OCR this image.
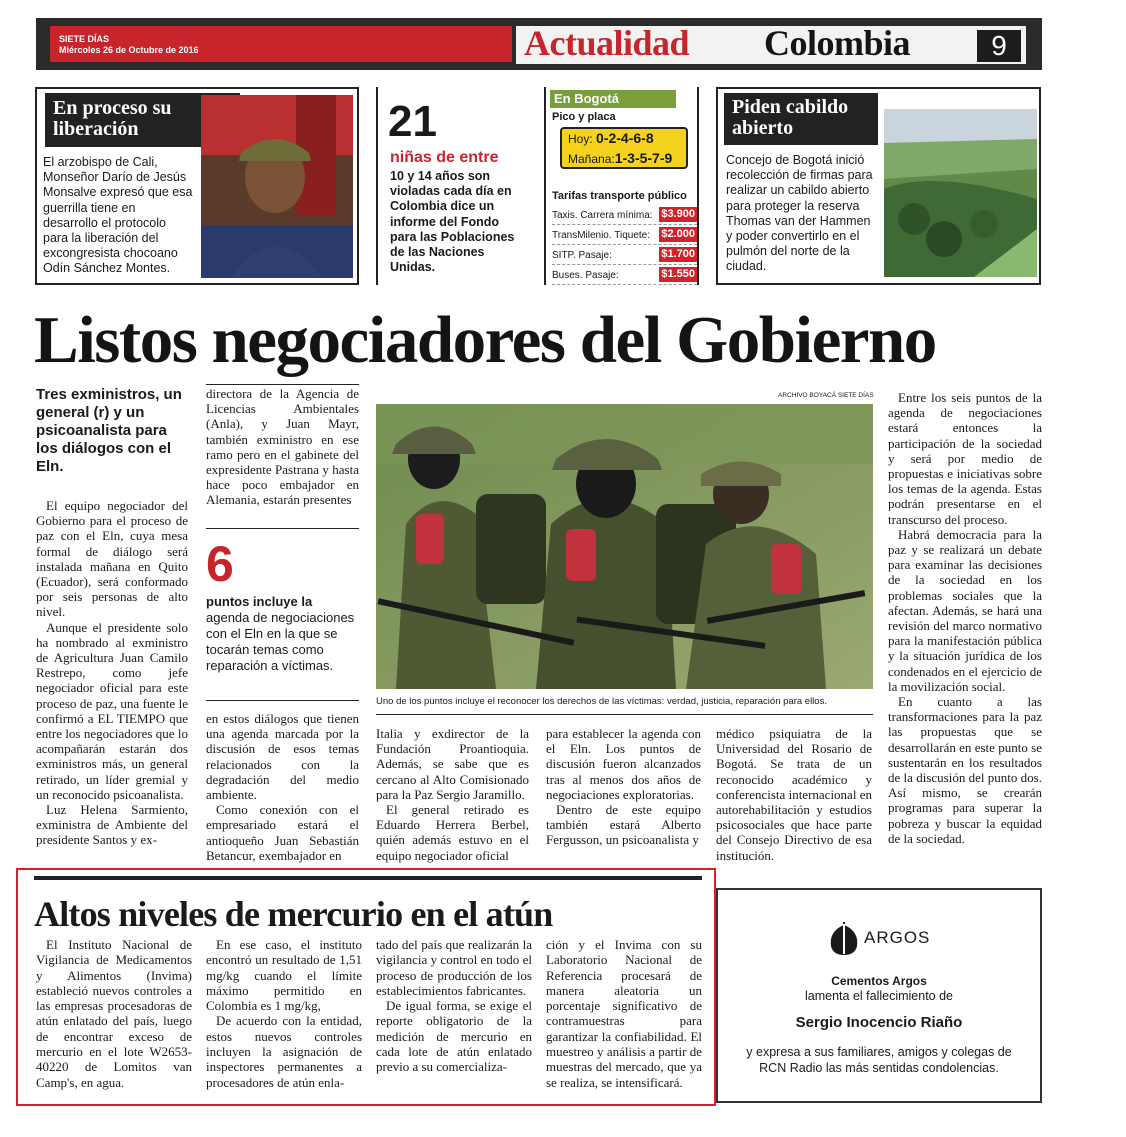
SIETE DÍAS
Miércoles 26 de Octubre de 2016	Actualidad Colombia	9
En proceso su liberación
El arzobispo de Cali, Monseñor Darío de Jesús Monsalve expresó que esa guerrilla tiene en desarrollo el protocolo para la liberación del excongresista chocoano Odín Sánchez Montes.
21
niñas de entre
10 y 14 años son violadas cada día en Colombia dice un informe del Fondo para las Poblaciones de las Naciones Unidas.
En Bogotá
Pico y placa
Hoy: 0-2-4-6-8
Mañana:1-3-5-7-9
Tarifas transporte público
Taxis. Carrera mínima: $3.900
TransMilenio. Tiquete: $2.000
SITP. Pasaje:	$1.700
Buses. Pasaje:	$1.550
Piden cabildo abierto
Concejo de Bogotá inició recolección de firmas para realizar un cabildo abierto para proteger la reserva Thomas van der Hammen y poder convertirlo en el pulmón del norte de la ciudad.
Listos negociadores del Gobierno
Tres exministros, un general (r) y un psicoanalista para los diálogos con el Eln.

El equipo negociador del Gobierno para el proceso de paz con el Eln, cuya mesa formal de diálogo será instalada mañana en Quito (Ecuador), será conformado por seis personas de alto nivel.

Aunque el presidente solo ha nombrado al exministro de Agricultura Juan Camilo Restrepo, como jefe negociador oficial para este proceso de paz, una fuente le confirmó a EL TIEMPO que entre los negociadores que lo acompañarán estarán dos exministros más, un general retirado, un líder gremial y un reconocido psicoanalista.

Luz Helena Sarmiento, exministra de Ambiente del presidente Santos y ex-

directora de la Agencia de Licencias Ambientales (Anla), y Juan Mayr, también exministro en ese ramo pero en el gabinete del expresidente Pastrana y hasta hace poco embajador en Alemania, estarán presentes

6
puntos incluye la
agenda de negociaciones con el Eln en la que se tocarán temas como reparación a víctimas.

en estos diálogos que tienen una agenda marcada por la discusión de esos temas relacionados con la degradación del medio ambiente.

Como conexión con el empresariado estará el antioqueño Juan Sebastián Betancur, exembajador en

ARCHIVO BOYACÁ SIETE DÍAS
Uno de los puntos incluye el reconocer los derechos de las víctimas: verdad, justicia, reparación para ellos.

Italia y exdirector de la Fundación Proantioquia. Además, se sabe que es cercano al Alto Comisionado para la Paz Sergio Jaramillo.

El general retirado es Eduardo Herrera Berbel, quién además estuvo en el equipo negociador oficial

para establecer la agenda con el Eln. Los puntos de discusión fueron alcanzados tras al menos dos años de negociaciones exploratorias.

Dentro de este equipo también estará Alberto Fergusson, un psicoanalista y

médico psiquiatra de la Universidad del Rosario de Bogotá. Se trata de un reconocido académico y conferencista internacional en autorehabilitación y estudios psicosociales que hace parte del Consejo Directivo de esa institución.

Entre los seis puntos de la agenda de negociaciones estará entonces la participación de la sociedad y será por medio de propuestas e iniciativas sobre los temas de la agenda. Estas podrán presentarse en el transcurso del proceso.

Habrá democracia para la paz y se realizará un debate para examinar las decisiones de la sociedad en los problemas sociales que la afectan. Además, se hará una revisión del marco normativo para la manifestación pública y la situación jurídica de los condenados en el ejercicio de la movilización social.

En cuanto a las transformaciones para la paz las propuestas que se desarrollarán en este punto se sustentarán en los resultados de la discusión del punto dos. Así mismo, se crearán programas para superar la pobreza y buscar la equidad de la sociedad.

Altos niveles de mercurio en el atún

El Instituto Nacional de Vigilancia de Medicamentos y Alimentos (Invima) estableció nuevos controles a las empresas procesadoras de atún enlatado del país, luego de encontrar exceso de mercurio en el lote W2653-40220 de Lomitos van Camp's, en agua.

En ese caso, el instituto encontró un resultado de 1,51 mg/kg cuando el límite máximo permitido en Colombia es 1 mg/kg,

De acuerdo con la entidad, estos nuevos controles incluyen la asignación de inspectores permanentes a procesadores de atún enla-

tado del país que realizarán la vigilancia y control en todo el proceso de producción de los establecimientos fabricantes.

De igual forma, se exige el reporte obligatorio de la medición de mercurio en cada lote de atún enlatado previo a su comercializa-

ción y el Invima con su Laboratorio Nacional de Referencia procesará de manera aleatoria un porcentaje significativo de contramuestras para garantizar la confiabilidad. El muestreo y análisis a partir de muestras del mercado, que ya se realiza, se intensificará.

ARGOS
Cementos Argos
lamenta el fallecimiento de
Sergio Inocencio Riaño
y expresa a sus familiares, amigos y colegas de RCN Radio las más sentidas condolencias.
